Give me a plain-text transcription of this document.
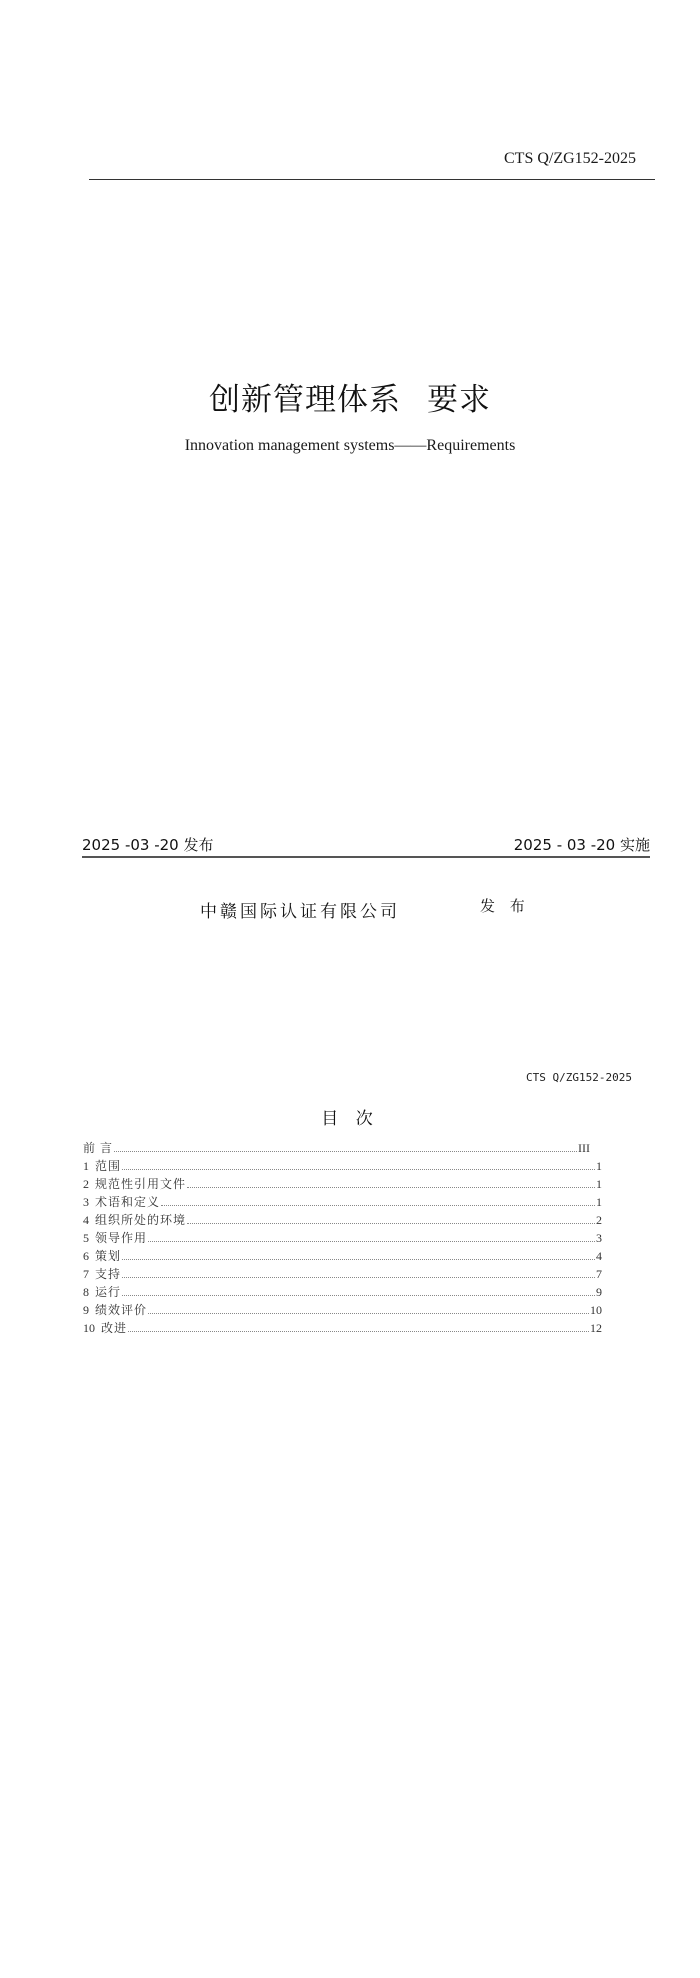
CTS Q/ZG152-2025
创新管理体系 要求
Innovation management systems——Requirements
2025 -03 -20 发布	2025 - 03 -20 实施
中赣国际认证有限公司	发 布
CTS Q/ZG152-2025
目 次
前 言	III
1 范围	1
2 规范性引用文件	1
3 术语和定义	1
4 组织所处的环境	2
5 领导作用	3
6 策划	4
7 支持	7
8 运行	9
9 绩效评价	10
10 改进	12
